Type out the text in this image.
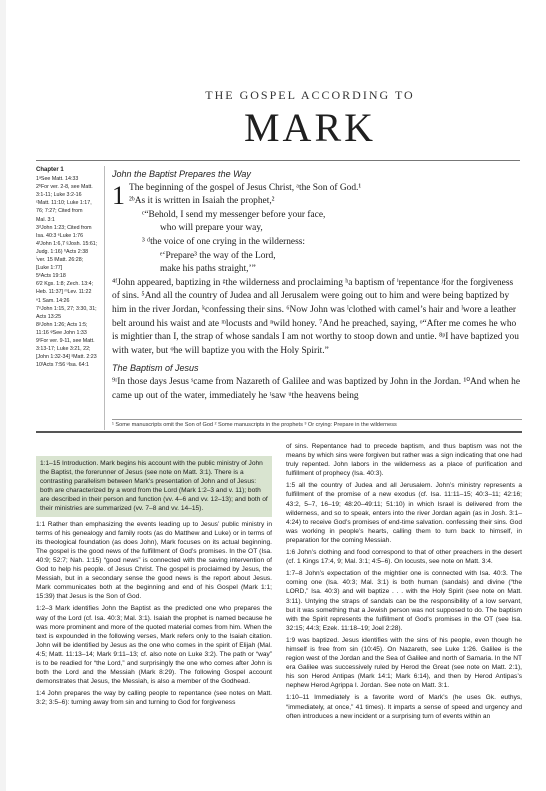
THE GOSPEL ACCORDING TO
MARK
Chapter 1
1ᵃSee Matt. 14:33
2ᵇFor ver. 2-8, see Matt.
3:1-11; Luke 3:2-16
ᶜMatt. 11:10; Luke 1:17,
76; 7:27; Cited from
Mal. 3:1
3ᵈJohn 1:23; Cited from
Isa. 40:3 ᵉLuke 1:76
4ᶠJohn 1:6,7 ᵍJosh. 15:61;
Judg. 1:16) ʰActs 2:38
ⁱver. 15 ʲMatt. 26:28;
[Luke 1:77]
5ᵏActs 19:18
6ˡ2 Kgs. 1:8; Zech. 13:4;
Heb. 11:37] ᵐLev. 11:22
ⁿ1 Sam. 14:26
7ᵒJohn 1:15, 27; 3:30, 31;
Acts 13:25
8ᵖJohn 1:26; Acts 1:5;
11:16 ᵠSee John 1:33
9ʳFor ver. 9-11, see Matt.
3:13-17; Luke 3:21, 22;
[John 1:32-34] ˢMatt. 2:23
10ᵗActs 7:56 ᵘIsa. 64:1
John the Baptist Prepares the Way
1 The beginning of the gospel of Jesus Christ, ᵃthe Son of God.¹
²ᵇAs it is written in Isaiah the prophet,²
ᶜ“Behold, I send my messenger before your face,
who will prepare your way,
³ ᵈthe voice of one crying in the wilderness:
ᵉ‘Prepare³ the way of the Lord,
make his paths straight,’”
⁴ᶠJohn appeared, baptizing in ᵍthe wilderness and proclaiming ʰa baptism of ⁱrepentance ʲfor the forgiveness of sins. ⁵And all the country of Judea and all Jerusalem were going out to him and were being baptized by him in the river Jordan, ᵏconfessing their sins. ⁶Now John was ˡclothed with camel’s hair and ˡwore a leather belt around his waist and ate ᵐlocusts and ⁿwild honey. ⁷And he preached, saying, ᵒ“After me comes he who is mightier than I, the strap of whose sandals I am not worthy to stoop down and untie. ⁸ᵖI have baptized you with water, but ᵠhe will baptize you with the Holy Spirit.”
The Baptism of Jesus
⁹ʳIn those days Jesus ˢcame from Nazareth of Galilee and was baptized by John in the Jordan. ¹⁰And when he came up out of the water, immediately he ᵗsaw ᵘthe heavens being
¹ Some manuscripts omit the Son of God ² Some manuscripts in the prophets ³ Or crying: Prepare in the wilderness
1:1–15 Introduction. Mark begins his account with the public ministry of John the Baptist, the forerunner of Jesus (see note on Matt. 3:1). There is a contrasting parallelism between Mark’s presentation of John and of Jesus: both are characterized by a word from the Lord (Mark 1:2–3 and v. 11); both are described in their person and function (vv. 4–6 and vv. 12–13); and both of their ministries are summarized (vv. 7–8 and vv. 14–15).
1:1 Rather than emphasizing the events leading up to Jesus’ public ministry in terms of his genealogy and family roots (as do Matthew and Luke) or in terms of its theological foundation (as does John), Mark focuses on its actual beginning. The gospel is the good news of the fulfillment of God’s promises. In the OT (Isa. 40:9; 52:7; Nah. 1:15) “good news” is connected with the saving intervention of God to help his people. of Jesus Christ. The gospel is proclaimed by Jesus, the Messiah, but in a secondary sense the good news is the report about Jesus. Mark communicates both at the beginning and end of his Gospel (Mark 1:1; 15:39) that Jesus is the Son of God.
1:2–3 Mark identifies John the Baptist as the predicted one who prepares the way of the Lord (cf. Isa. 40:3; Mal. 3:1). Isaiah the prophet is named because he was more prominent and more of the quoted material comes from him. When the text is expounded in the following verses, Mark refers only to the Isaiah citation. John will be identified by Jesus as the one who comes in the spirit of Elijah (Mal. 4:5; Matt. 11:13–14; Mark 9:11–13; cf. also note on Luke 3:2). The path or “way” is to be readied for “the Lord,” and surprisingly the one who comes after John is both the Lord and the Messiah (Mark 8:29). The following Gospel account demonstrates that Jesus, the Messiah, is also a member of the Godhead.
1:4 John prepares the way by calling people to repentance (see notes on Matt. 3:2; 3:5–6): turning away from sin and turning to God for forgiveness
of sins. Repentance had to precede baptism, and thus baptism was not the means by which sins were forgiven but rather was a sign indicating that one had truly repented. John labors in the wilderness as a place of purification and fulfillment of prophecy (Isa. 40:3).
1:5 all the country of Judea and all Jerusalem. John’s ministry represents a fulfillment of the promise of a new exodus (cf. Isa. 11:11–15; 40:3–11; 42:16; 43:2, 5–7, 16–19; 48:20–49:11; 51:10) in which Israel is delivered from the wilderness, and so to speak, enters into the river Jordan again (as in Josh. 3:1–4:24) to receive God’s promises of end-time salvation. confessing their sins. God was working in people’s hearts, calling them to turn back to himself, in preparation for the coming Messiah.
1:6 John’s clothing and food correspond to that of other preachers in the desert (cf. 1 Kings 17:4, 9; Mal. 3:1; 4:5–6). On locusts, see note on Matt. 3:4.
1:7–8 John’s expectation of the mightier one is connected with Isa. 40:3. The coming one (Isa. 40:3; Mal. 3:1) is both human (sandals) and divine (“the LORD,” Isa. 40:3) and will baptize . . . with the Holy Spirit (see note on Matt. 3:11). Untying the straps of sandals can be the responsibility of a low servant, but it was something that a Jewish person was not supposed to do. The baptism with the Spirit represents the fulfillment of God’s promises in the OT (see Isa. 32:15; 44:3; Ezek. 11:18–19; Joel 2:28).
1:9 was baptized. Jesus identifies with the sins of his people, even though he himself is free from sin (10:45). On Nazareth, see Luke 1:26. Galilee is the region west of the Jordan and the Sea of Galilee and north of Samaria. In the NT era Galilee was successively ruled by Herod the Great (see note on Matt. 2:1), his son Herod Antipas (Mark 14:1; Mark 6:14), and then by Herod Antipas’s nephew Herod Agrippa I. Jordan. See note on Matt. 3:1.
1:10–11 Immediately is a favorite word of Mark’s (he uses Gk. euthys, “immediately, at once,” 41 times). It imparts a sense of speed and urgency and often introduces a new incident or a surprising turn of events within an
